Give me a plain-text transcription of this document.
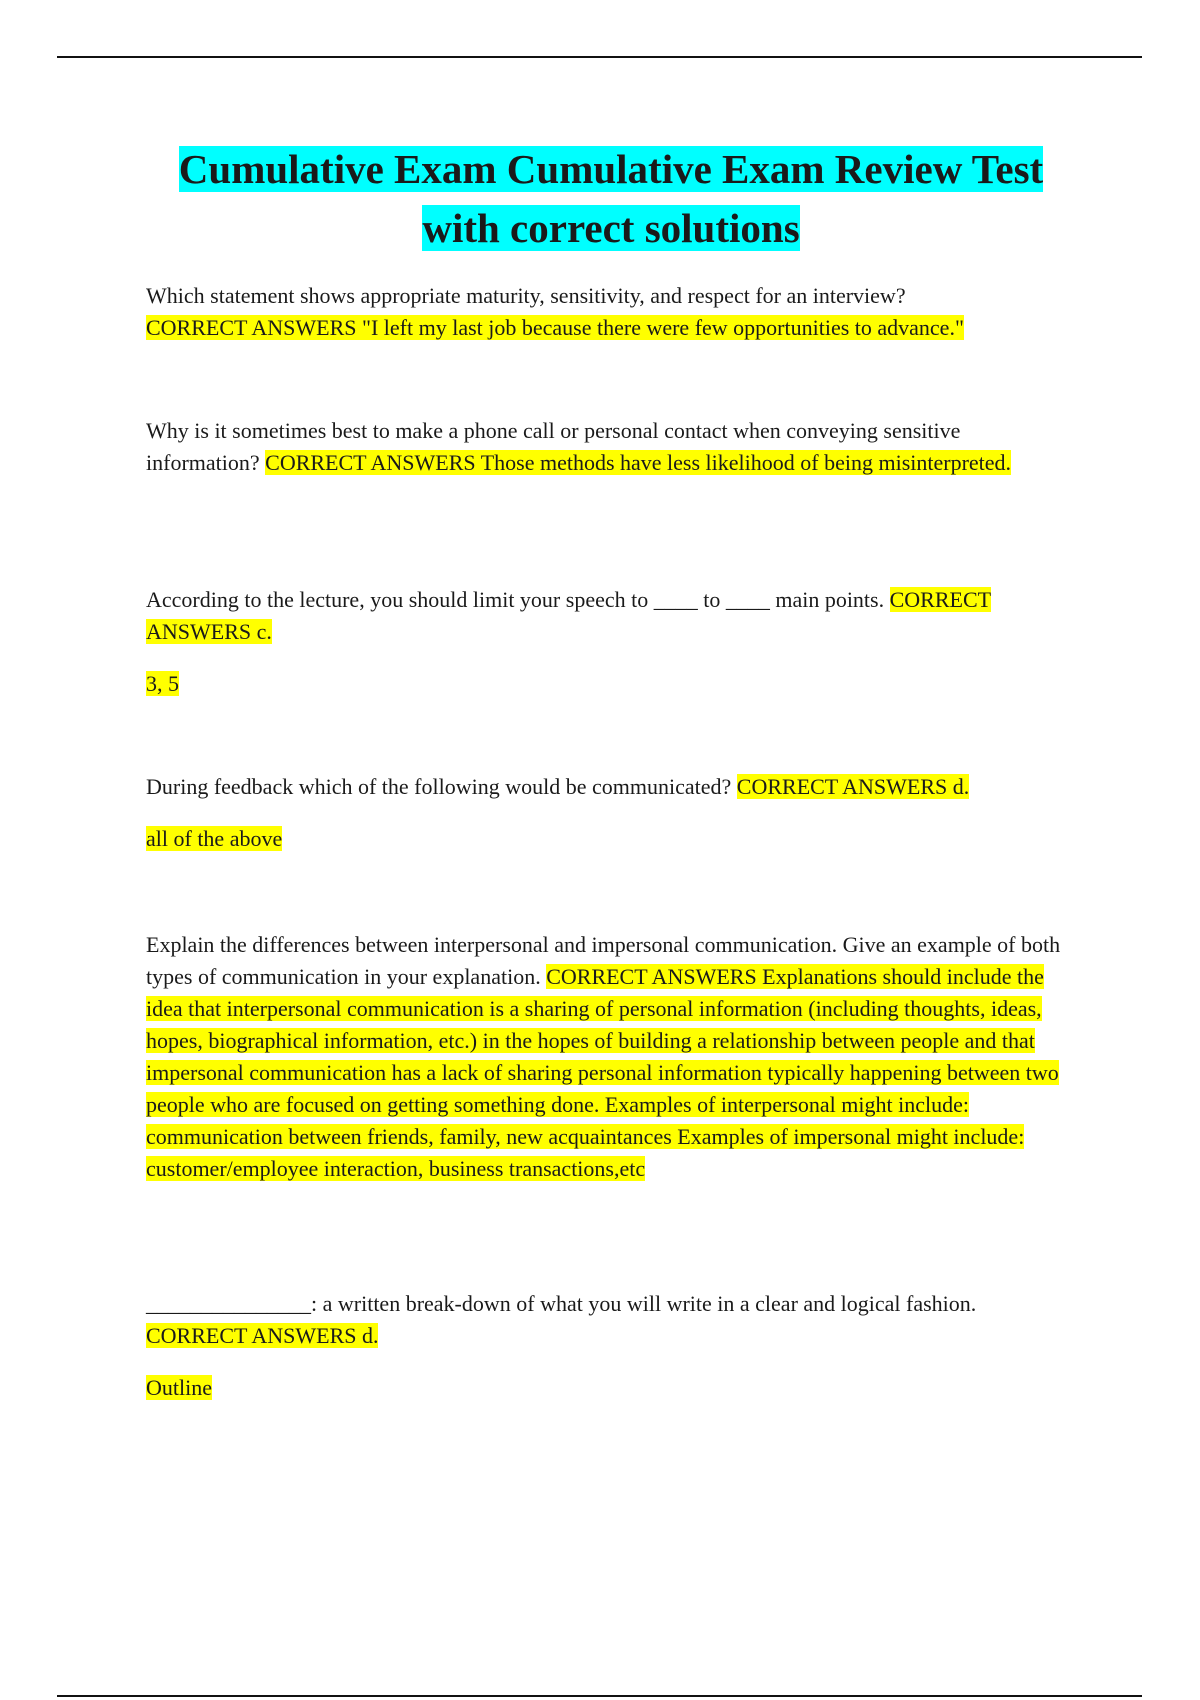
Cumulative Exam Cumulative Exam Review Test
with correct solutions

Which statement shows appropriate maturity, sensitivity, and respect for an interview?

CORRECT ANSWERS "I left my last job because there were few opportunities to advance."

Why is it sometimes best to make a phone call or personal contact when conveying sensitive information? CORRECT ANSWERS Those methods have less likelihood of being misinterpreted.

According to the lecture, you should limit your speech to ____ to ____ main points. CORRECT ANSWERS c.

3, 5

During feedback which of the following would be communicated? CORRECT ANSWERS d.

all of the above

Explain the differences between interpersonal and impersonal communication. Give an example of both types of communication in your explanation. CORRECT ANSWERS Explanations should include the idea that interpersonal communication is a sharing of personal information (including thoughts, ideas, hopes, biographical information, etc.) in the hopes of building a relationship between people and that impersonal communication has a lack of sharing personal information typically happening between two people who are focused on getting something done. Examples of interpersonal might include: communication between friends, family, new acquaintances Examples of impersonal might include: customer/employee interaction, business transactions,etc

_______________: a written break-down of what you will write in a clear and logical fashion.

CORRECT ANSWERS d.

Outline
